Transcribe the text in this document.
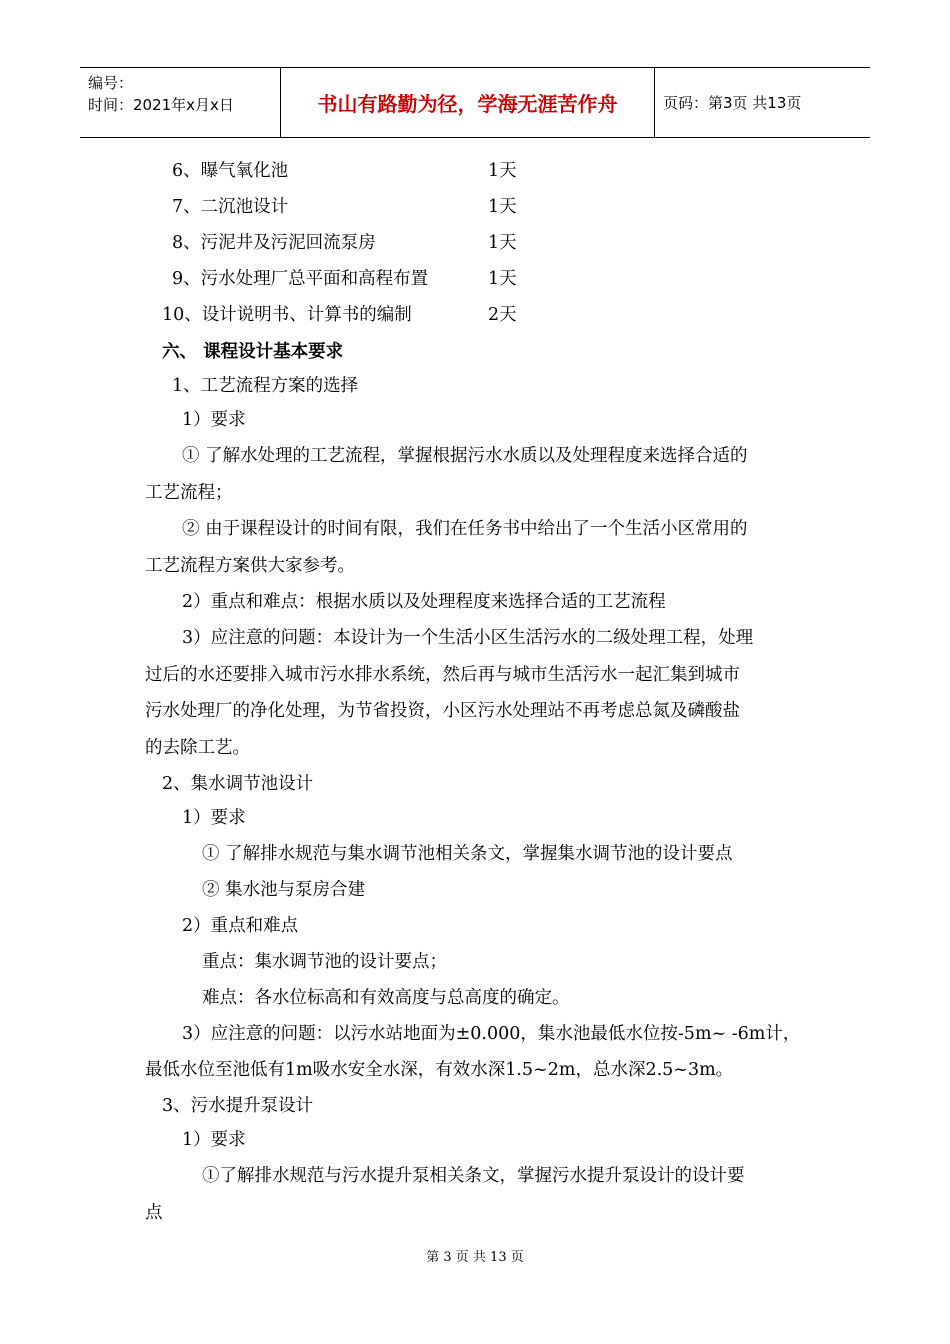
编号：
时间：2021年x月x日	书山有路勤为径，学海无涯苦作舟	页码：第3页 共13页
6、曝气氧化池	1天
7、二沉池设计	1天
8、污泥井及污泥回流泵房	1天
9、污水处理厂总平面和高程布置	1天
10、设计说明书、计算书的编制	2天
六、 课程设计基本要求
1、工艺流程方案的选择
1）要求
① 了解水处理的工艺流程，掌握根据污水水质以及处理程度来选择合适的
工艺流程；
② 由于课程设计的时间有限，我们在任务书中给出了一个生活小区常用的
工艺流程方案供大家参考。
2）重点和难点：根据水质以及处理程度来选择合适的工艺流程
3）应注意的问题：本设计为一个生活小区生活污水的二级处理工程，处理
过后的水还要排入城市污水排水系统，然后再与城市生活污水一起汇集到城市
污水处理厂的净化处理，为节省投资，小区污水处理站不再考虑总氮及磷酸盐
的去除工艺。
2、集水调节池设计
1）要求
① 了解排水规范与集水调节池相关条文，掌握集水调节池的设计要点
② 集水池与泵房合建
2）重点和难点
重点：集水调节池的设计要点；
难点：各水位标高和有效高度与总高度的确定。
3）应注意的问题：以污水站地面为±0.000，集水池最低水位按-5m~ -6m计，
最低水位至池低有1m吸水安全水深，有效水深1.5~2m，总水深2.5~3m。
3、污水提升泵设计
1）要求
①了解排水规范与污水提升泵相关条文，掌握污水提升泵设计的设计要
点
第 3 页 共 13 页
